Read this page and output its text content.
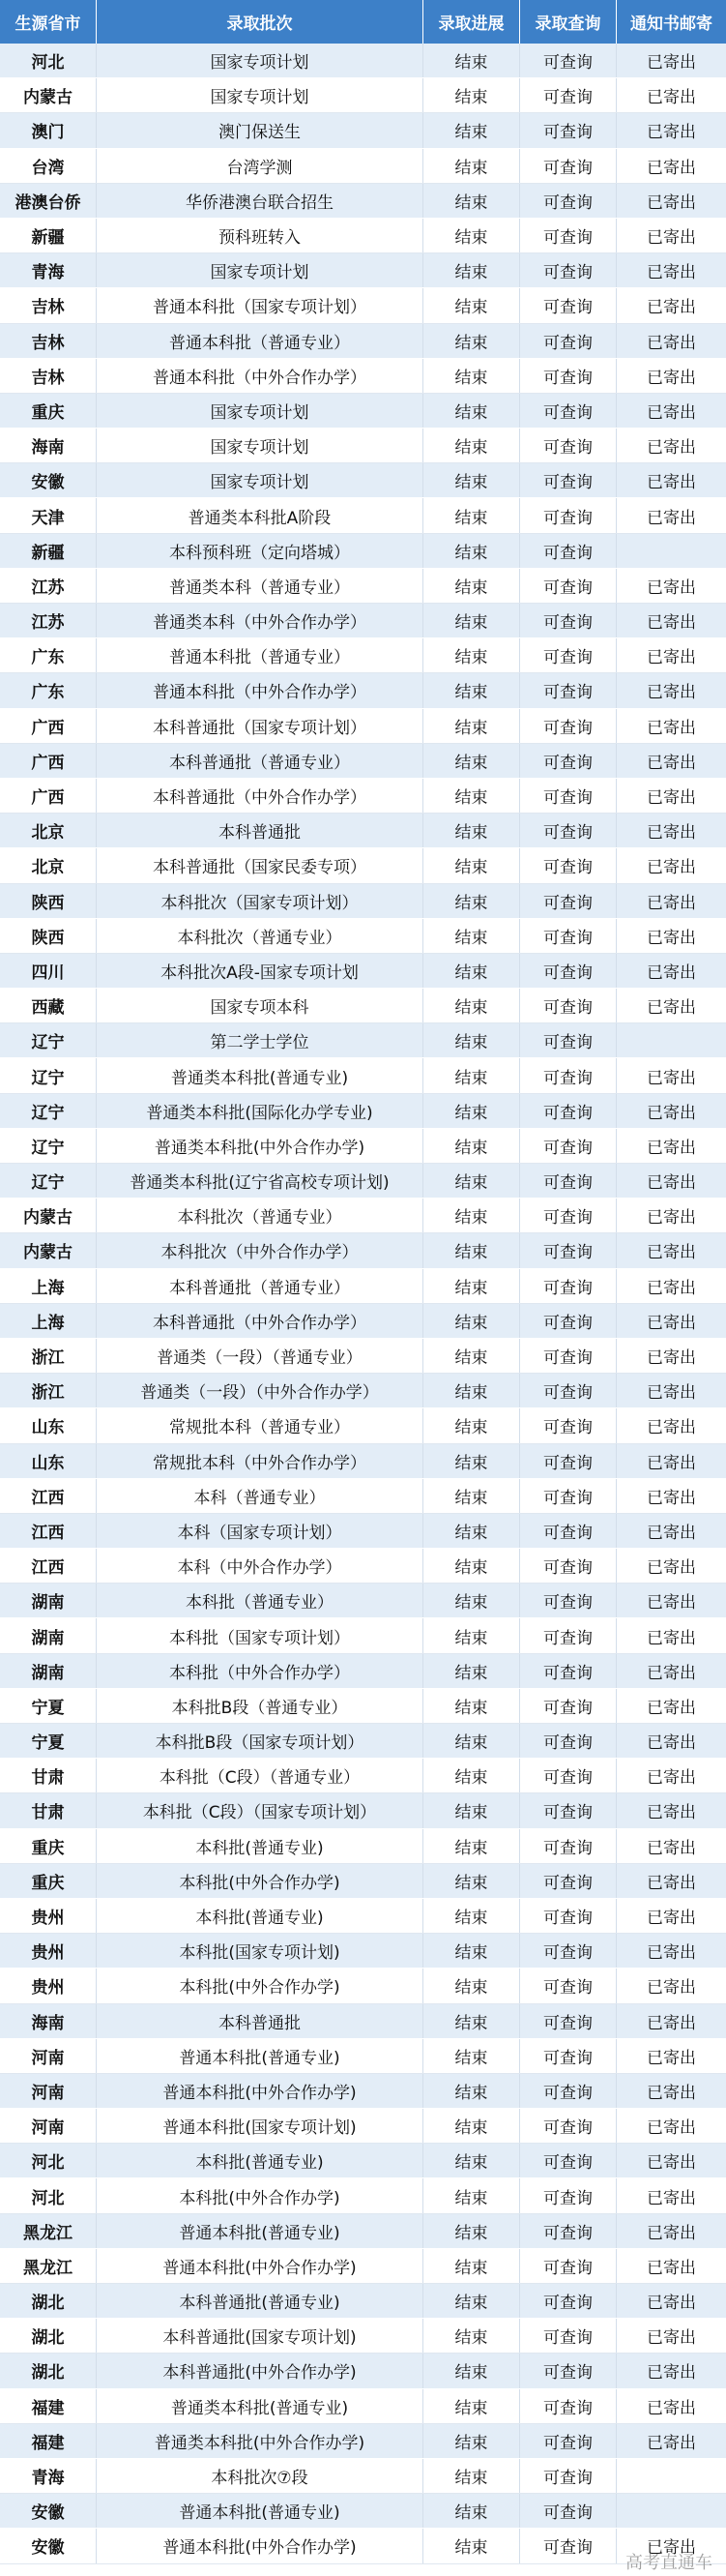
生源省市	录取批次	录取进展	录取查询	通知书邮寄
河北	国家专项计划	结束	可查询	已寄出
内蒙古	国家专项计划	结束	可查询	已寄出
澳门	澳门保送生	结束	可查询	已寄出
台湾	台湾学测	结束	可查询	已寄出
港澳台侨	华侨港澳台联合招生	结束	可查询	已寄出
新疆	预科班转入	结束	可查询	已寄出
青海	国家专项计划	结束	可查询	已寄出
吉林	普通本科批（国家专项计划）	结束	可查询	已寄出
吉林	普通本科批（普通专业）	结束	可查询	已寄出
吉林	普通本科批（中外合作办学）	结束	可查询	已寄出
重庆	国家专项计划	结束	可查询	已寄出
海南	国家专项计划	结束	可查询	已寄出
安徽	国家专项计划	结束	可查询	已寄出
天津	普通类本科批A阶段	结束	可查询	已寄出
新疆	本科预科班（定向塔城）	结束	可查询
江苏	普通类本科（普通专业）	结束	可查询	已寄出
江苏	普通类本科（中外合作办学）	结束	可查询	已寄出
广东	普通本科批（普通专业）	结束	可查询	已寄出
广东	普通本科批（中外合作办学）	结束	可查询	已寄出
广西	本科普通批（国家专项计划）	结束	可查询	已寄出
广西	本科普通批（普通专业）	结束	可查询	已寄出
广西	本科普通批（中外合作办学）	结束	可查询	已寄出
北京	本科普通批	结束	可查询	已寄出
北京	本科普通批（国家民委专项）	结束	可查询	已寄出
陕西	本科批次（国家专项计划）	结束	可查询	已寄出
陕西	本科批次（普通专业）	结束	可查询	已寄出
四川	本科批次A段-国家专项计划	结束	可查询	已寄出
西藏	国家专项本科	结束	可查询	已寄出
辽宁	第二学士学位	结束	可查询
辽宁	普通类本科批(普通专业)	结束	可查询	已寄出
辽宁	普通类本科批(国际化办学专业)	结束	可查询	已寄出
辽宁	普通类本科批(中外合作办学)	结束	可查询	已寄出
辽宁	普通类本科批(辽宁省高校专项计划)	结束	可查询	已寄出
内蒙古	本科批次（普通专业）	结束	可查询	已寄出
内蒙古	本科批次（中外合作办学）	结束	可查询	已寄出
上海	本科普通批（普通专业）	结束	可查询	已寄出
上海	本科普通批（中外合作办学）	结束	可查询	已寄出
浙江	普通类（一段）（普通专业）	结束	可查询	已寄出
浙江	普通类（一段）（中外合作办学）	结束	可查询	已寄出
山东	常规批本科（普通专业）	结束	可查询	已寄出
山东	常规批本科（中外合作办学）	结束	可查询	已寄出
江西	本科（普通专业）	结束	可查询	已寄出
江西	本科（国家专项计划）	结束	可查询	已寄出
江西	本科（中外合作办学）	结束	可查询	已寄出
湖南	本科批（普通专业）	结束	可查询	已寄出
湖南	本科批（国家专项计划）	结束	可查询	已寄出
湖南	本科批（中外合作办学）	结束	可查询	已寄出
宁夏	本科批B段（普通专业）	结束	可查询	已寄出
宁夏	本科批B段（国家专项计划）	结束	可查询	已寄出
甘肃	本科批（C段）（普通专业）	结束	可查询	已寄出
甘肃	本科批（C段）（国家专项计划）	结束	可查询	已寄出
重庆	本科批(普通专业)	结束	可查询	已寄出
重庆	本科批(中外合作办学)	结束	可查询	已寄出
贵州	本科批(普通专业)	结束	可查询	已寄出
贵州	本科批(国家专项计划)	结束	可查询	已寄出
贵州	本科批(中外合作办学)	结束	可查询	已寄出
海南	本科普通批	结束	可查询	已寄出
河南	普通本科批(普通专业)	结束	可查询	已寄出
河南	普通本科批(中外合作办学)	结束	可查询	已寄出
河南	普通本科批(国家专项计划)	结束	可查询	已寄出
河北	本科批(普通专业)	结束	可查询	已寄出
河北	本科批(中外合作办学)	结束	可查询	已寄出
黑龙江	普通本科批(普通专业)	结束	可查询	已寄出
黑龙江	普通本科批(中外合作办学)	结束	可查询	已寄出
湖北	本科普通批(普通专业)	结束	可查询	已寄出
湖北	本科普通批(国家专项计划)	结束	可查询	已寄出
湖北	本科普通批(中外合作办学)	结束	可查询	已寄出
福建	普通类本科批(普通专业)	结束	可查询	已寄出
福建	普通类本科批(中外合作办学)	结束	可查询	已寄出
青海	本科批次⑦段	结束	可查询
安徽	普通本科批(普通专业)	结束	可查询
安徽	普通本科批(中外合作办学)	结束	可查询	已寄出
高考直通车
